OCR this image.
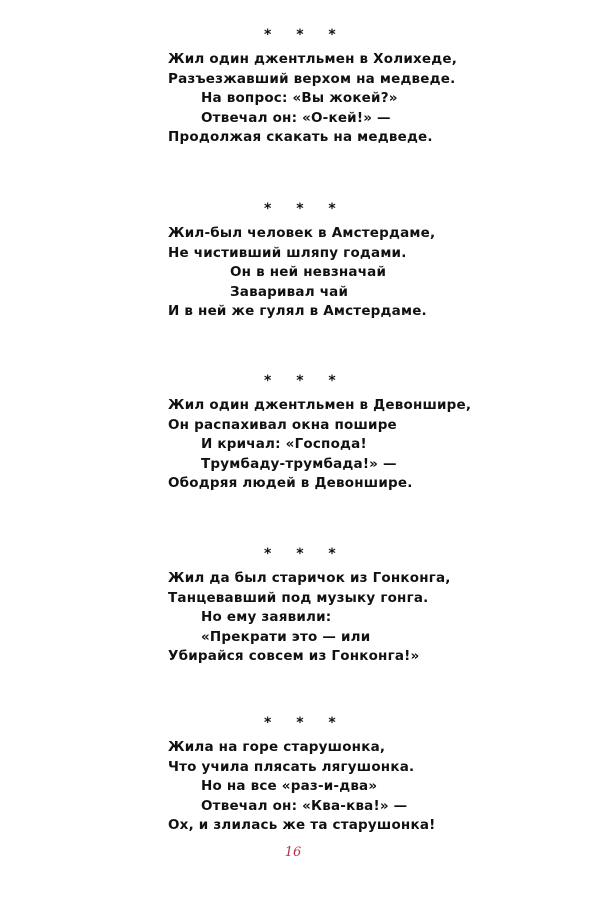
* * *
Жил один джентльмен в Холихеде,
Разъезжавший верхом на медведе.
На вопрос: «Вы жокей?»
Отвечал он: «О-кей!» —
Продолжая скакать на медведе.
* * *
Жил-был человек в Амстердаме,
Не чистивший шляпу годами.
Он в ней невзначай
Заваривал чай
И в ней же гулял в Амстердаме.
* * *
Жил один джентльмен в Девоншире,
Он распахивал окна пошире
И кричал: «Господа!
Трумбаду-трумбада!» —
Ободряя людей в Девоншире.
* * *
Жил да был старичок из Гонконга,
Танцевавший под музыку гонга.
Но ему заявили:
«Прекрати это — или
Убирайся совсем из Гонконга!»
* * *
Жила на горе старушонка,
Что учила плясать лягушонка.
Но на все «раз-и-два»
Отвечал он: «Ква-ква!» —
Ох, и злилась же та старушонка!
16
